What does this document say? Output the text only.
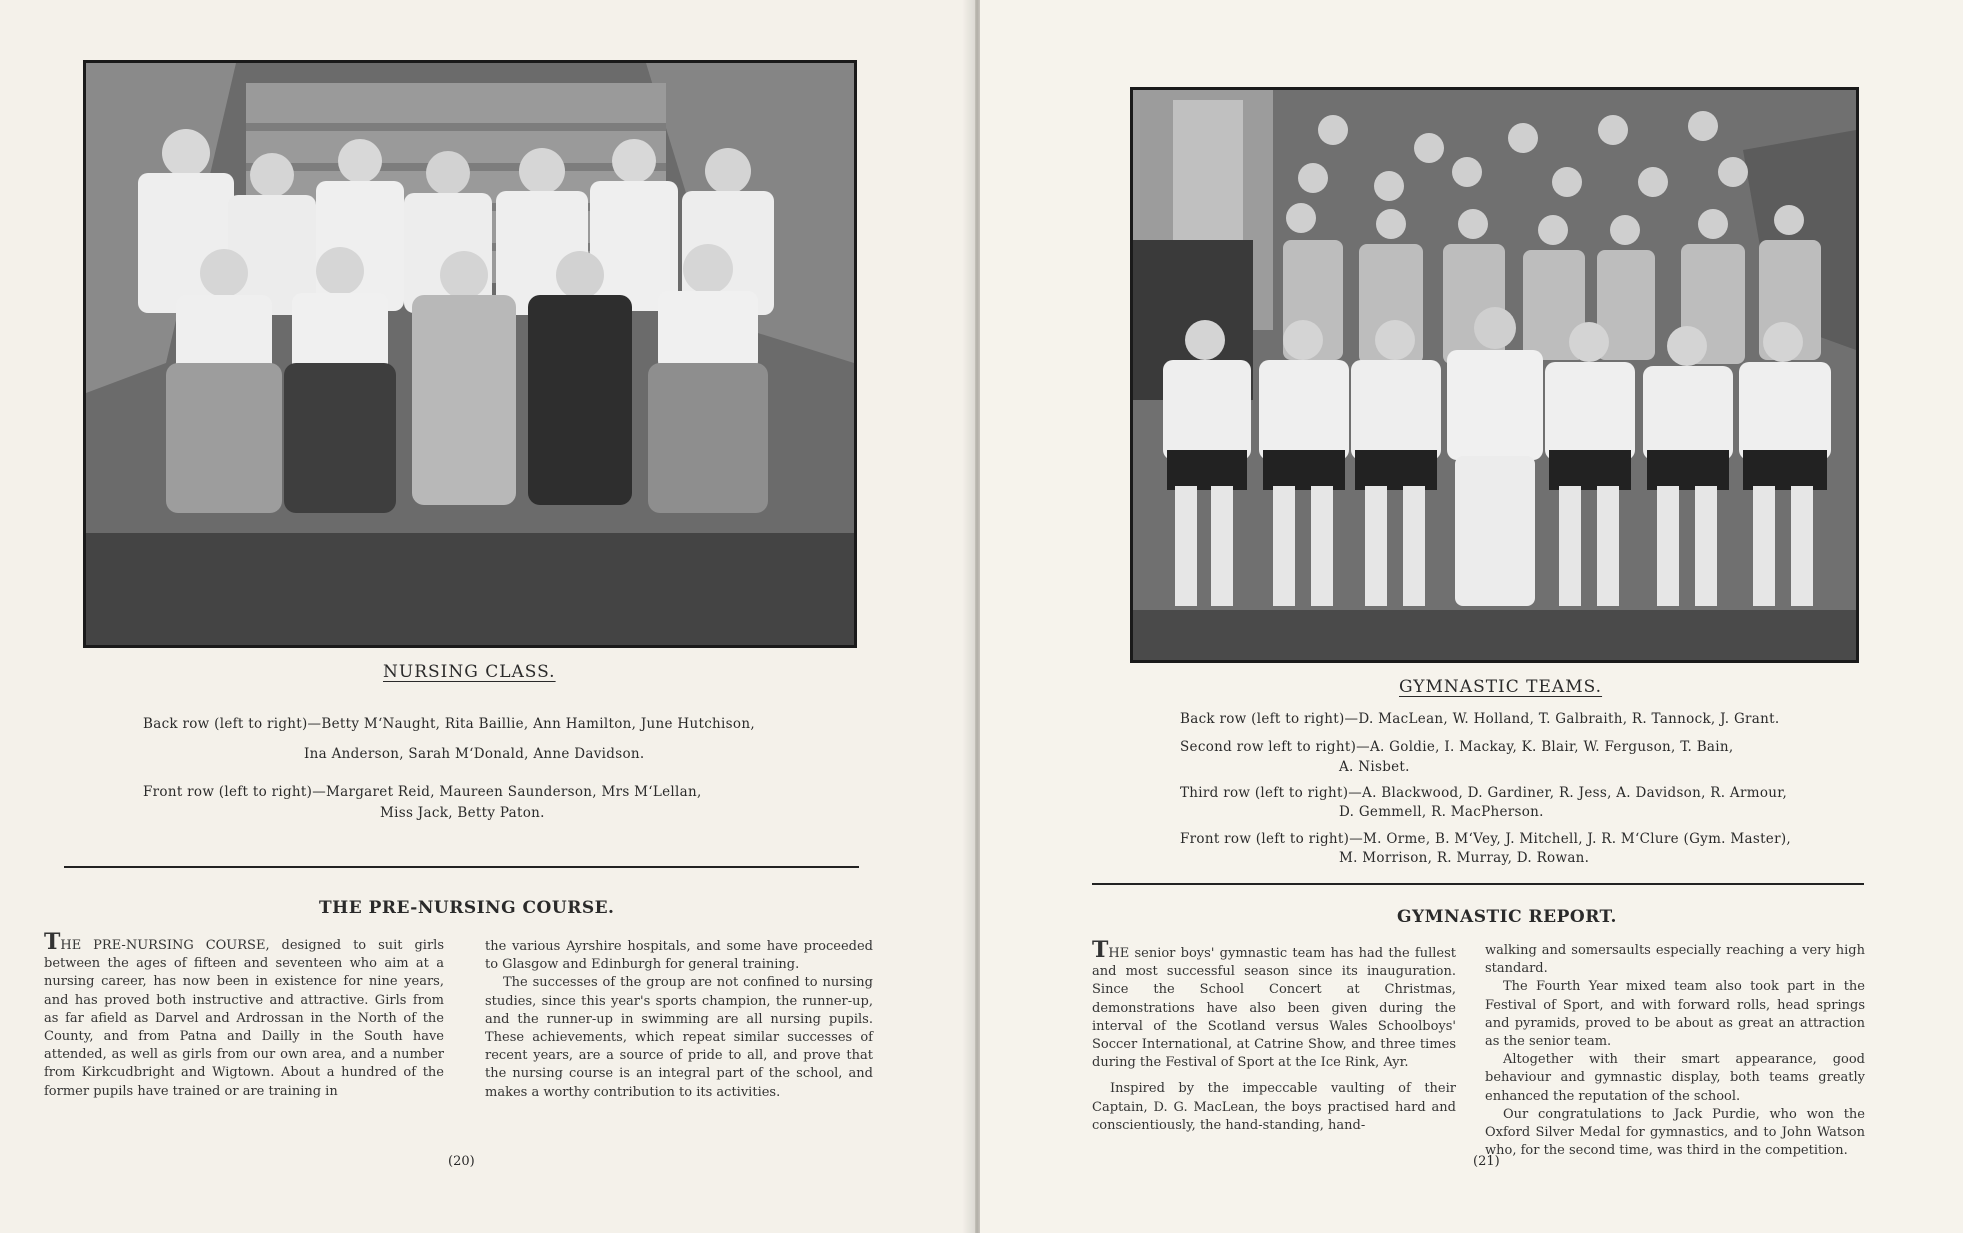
NURSING CLASS.
Back row (left to right)—Betty M‘Naught, Rita Baillie, Ann Hamilton, June Hutchison,
Ina Anderson, Sarah M‘Donald, Anne Davidson.
Front row (left to right)—Margaret Reid, Maureen Saunderson, Mrs M‘Lellan,
Miss Jack, Betty Paton.
THE PRE-NURSING COURSE.

THE PRE-NURSING COURSE, designed to suit girls between the ages of fifteen and seventeen who aim at a nursing career, has now been in existence for nine years, and has proved both instructive and attractive. Girls from as far afield as Darvel and Ardrossan in the North of the County, and from Patna and Dailly in the South have attended, as well as girls from our own area, and a number from Kirkcudbright and Wigtown. About a hundred of the former pupils have trained or are training in

the various Ayrshire hospitals, and some have proceeded to Glasgow and Edinburgh for general training.

The successes of the group are not confined to nursing studies, since this year's sports champion, the runner-up, and the runner-up in swimming are all nursing pupils. These achievements, which repeat similar successes of recent years, are a source of pride to all, and prove that the nursing course is an integral part of the school, and makes a worthy contribution to its activities.

(20)
GYMNASTIC TEAMS.
Back row (left to right)—D. MacLean, W. Holland, T. Galbraith, R. Tannock, J. Grant.
Second row left to right)—A. Goldie, I. Mackay, K. Blair, W. Ferguson, T. Bain,
A. Nisbet.
Third row (left to right)—A. Blackwood, D. Gardiner, R. Jess, A. Davidson, R. Armour,
D. Gemmell, R. MacPherson.
Front row (left to right)—M. Orme, B. M‘Vey, J. Mitchell, J. R. M‘Clure (Gym. Master),
M. Morrison, R. Murray, D. Rowan.
GYMNASTIC REPORT.

THE senior boys' gymnastic team has had the fullest and most successful season since its inauguration. Since the School Concert at Christmas, demonstrations have also been given during the interval of the Scotland versus Wales Schoolboys' Soccer International, at Catrine Show, and three times during the Festival of Sport at the Ice Rink, Ayr.

Inspired by the impeccable vaulting of their Captain, D. G. MacLean, the boys practised hard and conscientiously, the hand-standing, hand-

walking and somersaults especially reaching a very high standard.

The Fourth Year mixed team also took part in the Festival of Sport, and with forward rolls, head springs and pyramids, proved to be about as great an attraction as the senior team.

Altogether with their smart appearance, good behaviour and gymnastic display, both teams greatly enhanced the reputation of the school.

Our congratulations to Jack Purdie, who won the Oxford Silver Medal for gymnastics, and to John Watson who, for the second time, was third in the competition.

(21)
